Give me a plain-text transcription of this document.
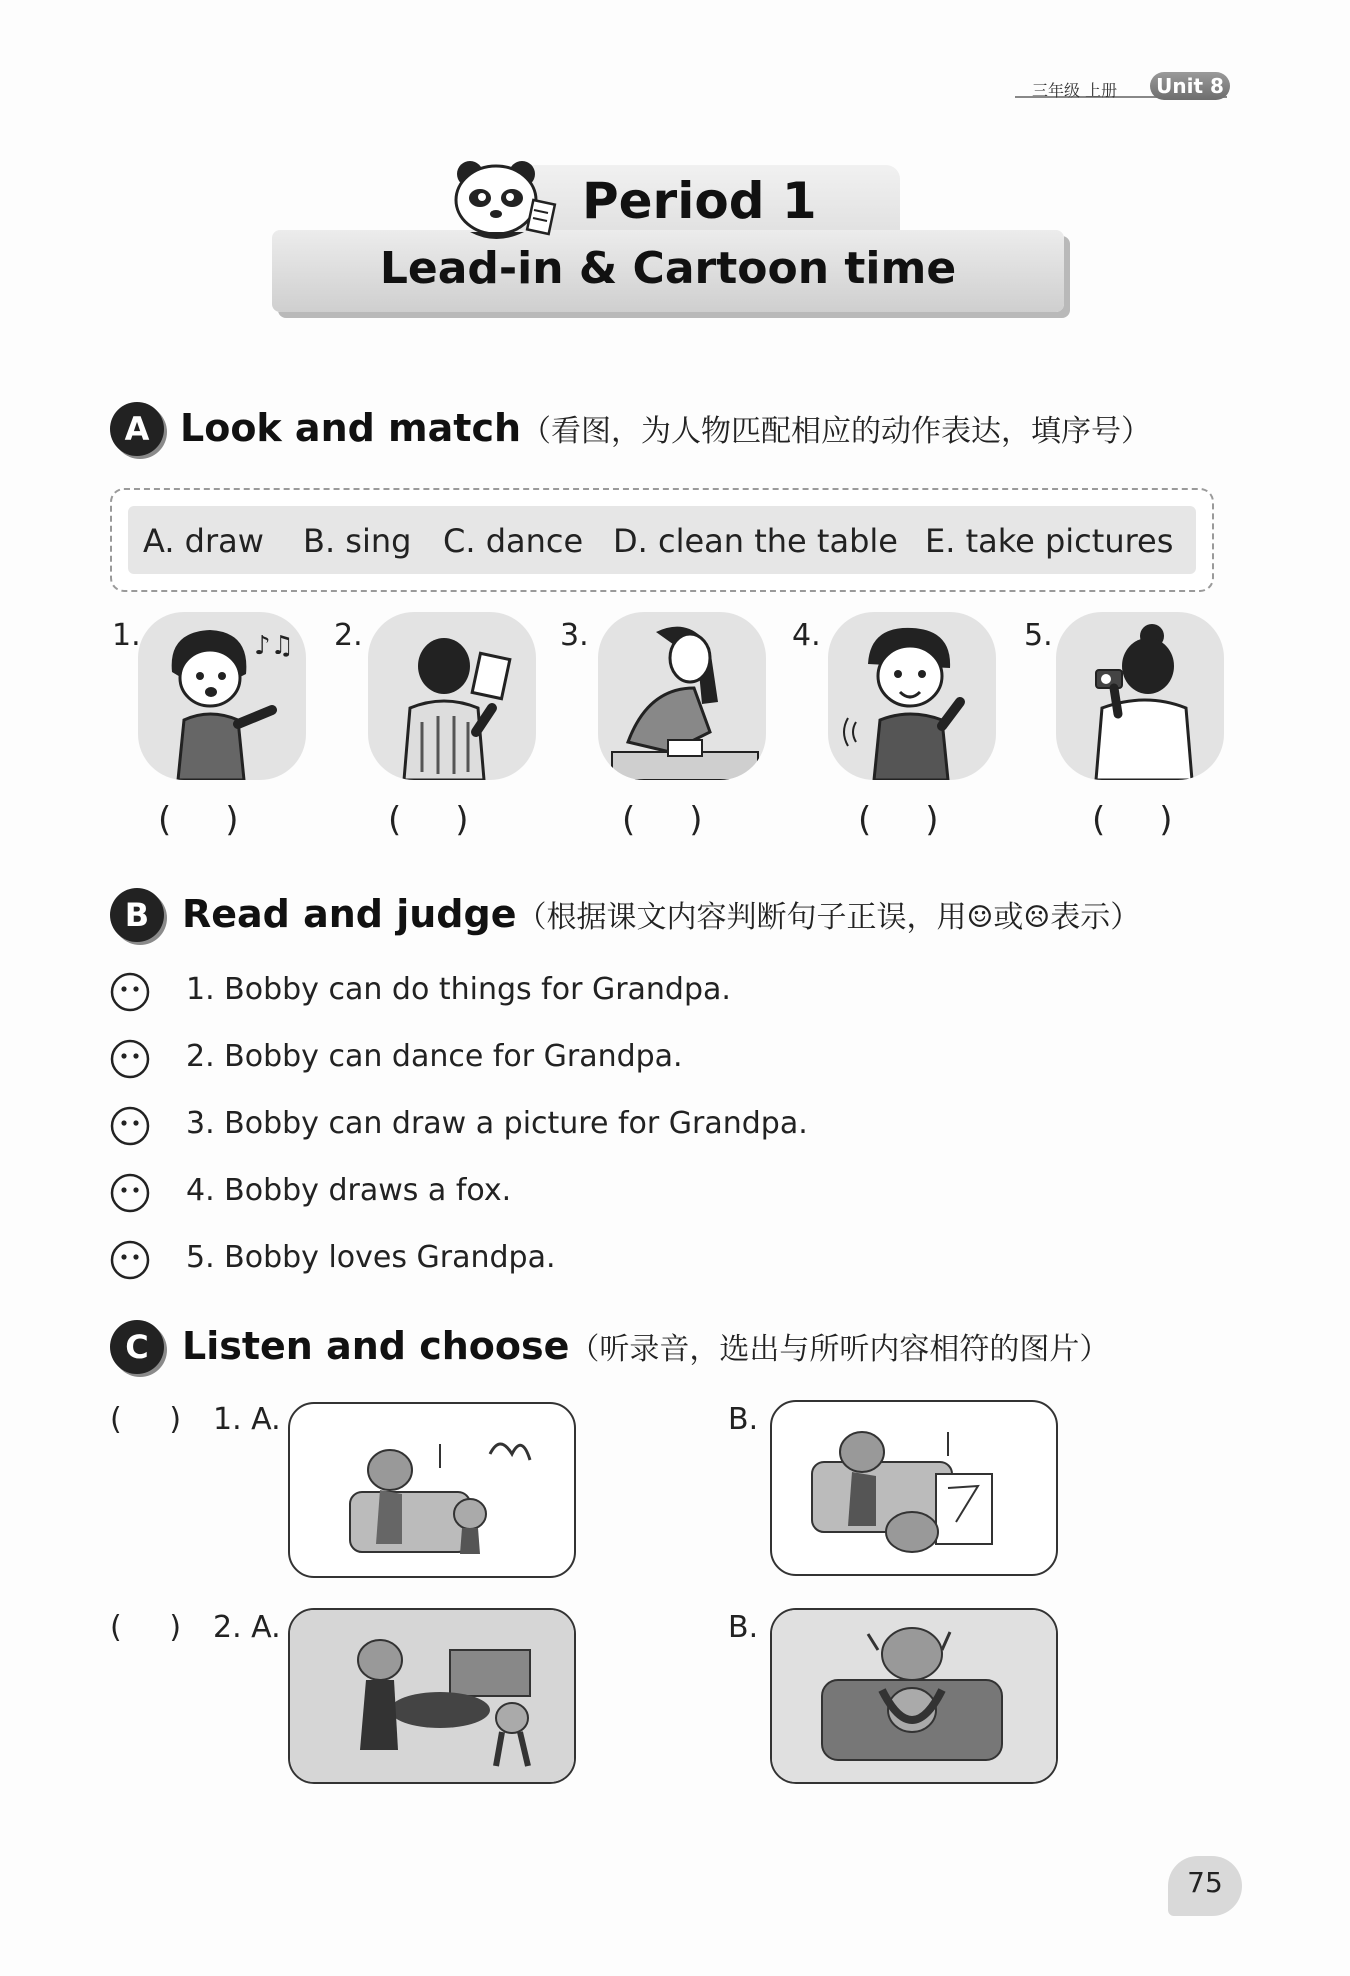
三年级 上册	Unit 8
Period 1
Lead-in & Cartoon time
A Look and match（看图，为人物匹配相应的动作表达，填序号）
A. draw B. sing C. dance D. clean the table E. take pictures
1.	♪♫
(     )
2.
(     )
3.
(     )
4.
(     )
5.
(     )
B Read and judge（根据课文内容判断句子正误，用☺或☹表示）
1. Bobby can do things for Grandpa.
2. Bobby can dance for Grandpa.
3. Bobby can draw a picture for Grandpa.
4. Bobby draws a fox.
5. Bobby loves Grandpa.
C Listen and choose（听录音，选出与所听内容相符的图片）
(     ) 1. A.	B.
(     ) 2. A.	B.
75
